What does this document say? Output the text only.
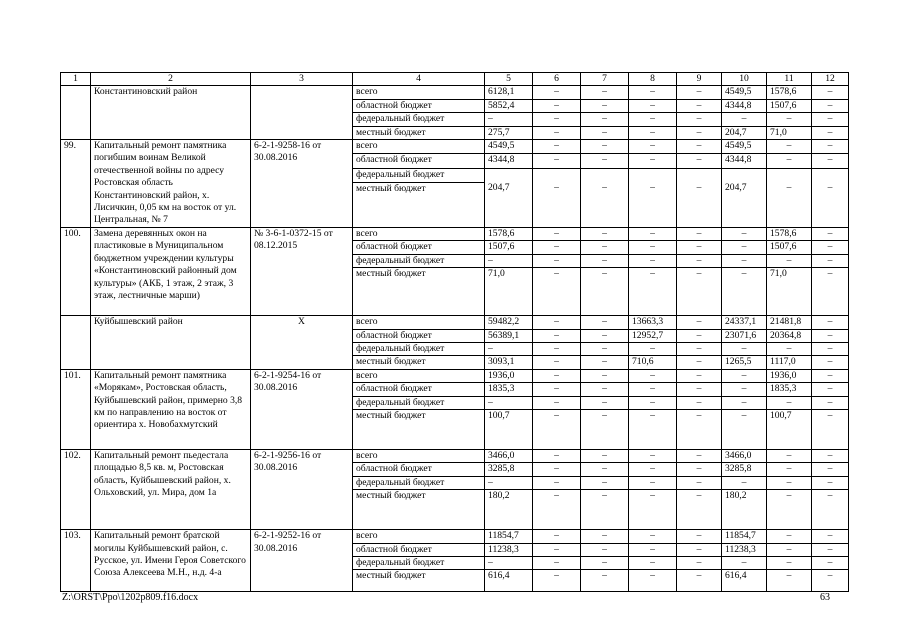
1	2	3	4	5	6	7	8	9	10	11	12
	Константиновский район		всего	6128,1	–	–	–	–	4549,5	1578,6	–
			областной бюджет	5852,4	–	–	–	–	4344,8	1507,6	–
			федеральный бюджет	–	–	–	–	–	–	–	–
			местный бюджет	275,7	–	–	–	–	204,7	71,0	–
99.	Капитальный ремонт памятника погибшим воинам Великой отечественной войны по адресу Ростовская область Константиновский район, х. Лисичкин, 0,05 км на восток от ул. Центральная, № 7	6-2-1-9258-16 от 30.08.2016	всего	4549,5	–	–	–	–	4549,5	–	–
			областной бюджет	4344,8	–	–	–	–	4344,8	–	–
			федеральный бюджет								
			местный бюджет	204,7	–	–	–	–	204,7	–	–
100.	Замена деревянных окон на пластиковые в Муниципальном бюджетном учреждении культуры «Константиновский районный дом культуры» (АКБ, 1 этаж, 2 этаж, 3 этаж, лестничные марши)	№ 3-6-1-0372-15 от 08.12.2015	всего	1578,6	–	–	–	–	–	1578,6	–
			областной бюджет	1507,6	–	–	–	–	–	1507,6	–
			федеральный бюджет	–	–	–	–	–	–	–	–
			местный бюджет	71,0	–	–	–	–	–	71,0	–
	Куйбышевский район	Х	всего	59482,2	–	–	13663,3	–	24337,1	21481,8	–
			областной бюджет	56389,1	–	–	12952,7	–	23071,6	20364,8	–
			федеральный бюджет	–	–	–	–	–	–	–	–
			местный бюджет	3093,1	–	–	710,6	–	1265,5	1117,0	–
101.	Капитальный ремонт памятника «Морякам», Ростовская область, Куйбышевский район, примерно 3,8 км по направлению на восток от ориентира х. Новобахмутский	6-2-1-9254-16 от 30.08.2016	всего	1936,0	–	–	–	–	–	1936,0	–
			областной бюджет	1835,3	–	–	–	–	–	1835,3	–
			федеральный бюджет	–	–	–	–	–	–	–	–
			местный бюджет	100,7	–	–	–	–	–	100,7	–
102.	Капитальный ремонт пьедестала площадью 8,5 кв. м, Ростовская область, Куйбышевский район, х. Ольховский, ул. Мира, дом 1а	6-2-1-9256-16 от 30.08.2016	всего	3466,0	–	–	–	–	3466,0	–	–
			областной бюджет	3285,8	–	–	–	–	3285,8	–	–
			федеральный бюджет	–	–	–	–	–	–	–	–
			местный бюджет	180,2	–	–	–	–	180,2	–	–
103.	Капитальный ремонт братской могилы Куйбышевский район, с. Русское, ул. Имени Героя Советского Союза Алексеева М.Н., н.д. 4-а	6-2-1-9252-16 от 30.08.2016	всего	11854,7	–	–	–	–	11854,7	–	–
			областной бюджет	11238,3	–	–	–	–	11238,3	–	–
			федеральный бюджет	–	–	–	–	–	–	–	–
			местный бюджет	616,4	–	–	–	–	616,4	–	–
Z:\ORST\Ppo\1202p809.f16.docx	63
